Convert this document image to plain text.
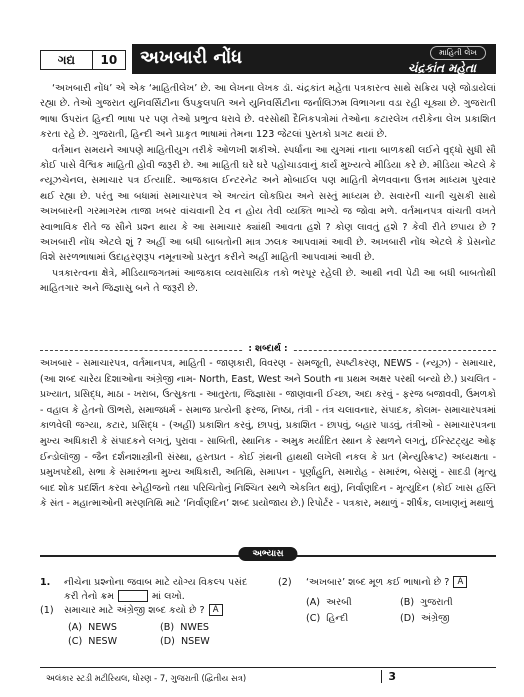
ગદ્ય	10	અખબારી નોંધ	માહિતી લેખ
ચંદ્રકાંત મહેતા

‘અખબારી નોંધ’ એ એક ‘માહિતીલેખ’ છે. આ લેખના લેખક ડૉ. ચંદ્રકાંત મહેતા પત્રકારત્વ સાથે સક્રિય પણે જોડાયેલાં રહ્યા છે. તેઓ ગુજરાત યુનિવર્સિટીના ઉપકુલપતિ અને યુનિવર્સિટીના જર્નાલિઝમ વિભાગના વડા રહી ચૂક્યા છે. ગુજરાતી ભાષા ઉપરાંત હિન્દી ભાષા પર પણ તેઓ પ્રભુત્વ ધરાવે છે. વરસોથી દૈનિકપત્રોમાં તેઓના કટારલેખ તરીકેના લેખ પ્રકાશિત કરતા રહે છે. ગુજરાતી, હિન્દી અને પ્રાકૃત ભાષામાં તેમના 123 જેટલાં પુસ્તકો પ્રગટ થયાં છે.

વર્તમાન સમયને આપણે માહિતીયુગ તરીકે ઓળખી શકીએ. સ્પર્ધાના આ યુગમાં નાના બાળકથી લઈને વૃદ્ધો સુધી સૌ કોઈ પાસે વૈશ્વિક માહિતી હોવી જરૂરી છે. આ માહિતી ઘરે ઘરે પહોંચાડવાનું કાર્ય મુખ્યત્વે મીડિયા કરે છે. મીડિયા એટલે કે ન્યૂઝચેનલ, સમાચાર પત્ર ઈત્યાદિ. આજકાલ ઈન્ટરનેટ અને મોબાઈલ પણ માહિતી મેળવવાના ઉત્તમ માધ્યમ પુરવાર થઈ રહ્યા છે. પરંતુ આ બધામાં સમાચારપત્ર એ અત્યંત લોકપ્રિય અને સસ્તું માધ્યમ છે. સવારની ચાની ચુસકી સાથે અખબારની ગરમાગરમ તાજા ખબર વાંચવાની ટેવ ન હોય તેવી વ્યક્તિ ભાગ્યે જ જોવા મળે. વર્તમાનપત્ર વાંચતી વખતે સ્વાભાવિક રીતે જ સૌને પ્રશ્ન થાય કે આ સમાચાર ક્યાંથી આવતા હશે ? કોણ લાવતું હશે ? કેવી રીતે છપાય છે ? અખબારી નોંધ એટલે શું ? અહીં આ બધી બાબતોની માત્ર ઝલક આપવામાં આવી છે. અખબારી નોંધ એટલે કે પ્રેસનોટ વિશે સરળભાષામાં ઉદાહરણરૂપ નમૂનાઓ પ્રસ્તુત કરીને અહીં માહિતી આપવામાં આવી છે.

પત્રકારત્વના ક્ષેત્રે, મીડિયાજગતમાં આજકાલ વ્યવસાયિક તકો ભરપૂર રહેલી છે. આથી નવી પેઢી આ બધી બાબતોથી માહિતગાર અને જિજ્ઞાસુ બને તે જરૂરી છે.

: શબ્દાર્થ :
અખબાર - સમાચારપત્ર, વર્તમાનપત્ર, માહિતી - જાણકારી, વિવરણ - સમજૂતી, સ્પષ્ટીકરણ, NEWS - (ન્યૂઝ) - સમાચાર, (આ શબ્દ ચારેય દિશાઓના અંગ્રેજી નામ- North, East, West અને South ના પ્રથમ અક્ષર પરથી બન્યો છે.) પ્રચલિત - પ્રખ્યાત, પ્રસિદ્ધ, માઠા - ખરાબ, ઉત્સુકતા - આતુરતા, જિજ્ઞાસા - જાણવાની ઈચ્છા, અદા કરવું - ફરજ બજાવવી, ઉમળકો - વહાલ કે હેતનો ઊભરો, સમાજધર્મ - સમાજ પ્રત્યેની ફરજ, નિષ્ઠા, તંત્રી - તંત્ર ચલાવનાર, સંપાદક, કોલમ- સમાચારપત્રમાં કાળવેલી જગ્યા, કટાર, પ્રસિદ્ધ - (અહીં) પ્રકાશિત કરવું, છાપવું, પ્રકાશિત - છાપવું, બહાર પાડવું, તંત્રીઓ - સમાચારપત્રના મુખ્ય અધિકારી કે સંપાદકને લગતું, પુરાવા - સાબિતી, સ્થાનિક - અમુક મર્યાદિત સ્થાન કે સ્થળને લગતું, ઈન્સ્ટિટ્યુટ ઓફ ઈન્ડોલૉજી - જૈન દર્શનશાસ્ત્રીની સંસ્થા, હસ્તપ્રત - કોઈ ગ્રંથની હાથથી લખેલી નકલ કે પ્રત (મેન્યુસ્ક્રિપ્ટ) અધ્યક્ષતા - પ્રમુખપદેથી, સભા કે સમારંભના મુખ્ય અધિકારી, અતિથિ, સમાપન - પૂર્ણાહુતિ, સમારોહ - સમારંભ, બેસણું - સાદડી (મૃત્યુ બાદ શોક પ્રદર્શિત કરવા સ્નેહીજનો તથા પરિચિતોનું નિશ્ચિત સ્થળે એકત્રિત થવું), નિર્વાણદિન - મૃત્યુદિન (કોઈ ખાસ હસ્તિ કે સંત - મહાત્માઓની મરણતિથિ માટે ‘નિર્વાણદિન’ શબ્દ પ્રયોજાય છે.) રિપોર્ટર - પત્રકાર, મથાળું - શીર્ષક, લખાણનું મથાળું
અભ્યાસ
1.	નીચેના પ્રશ્નોના જવાબ માટે યોગ્ય વિકલ્પ પસંદ
કરી તેનો ક્રમ	માં લખો.
(1)	સમાચાર માટે અંગ્રેજી શબ્દ કયો છે ? A
(A) NEWS	(B) NWES
(C) NESW	(D) NSEW
(2) ‘અખબાર’ શબ્દ મૂળ કઈ ભાષાનો છે ? A
(A) અરબી	(B) ગુજરાતી
(C) હિન્દી	(D) અંગ્રેજી
અલંકાર સ્ટડી મટીરિયલ, ધોરણ - 7, ગુજરાતી (દ્વિતીય સત્ર)	3
